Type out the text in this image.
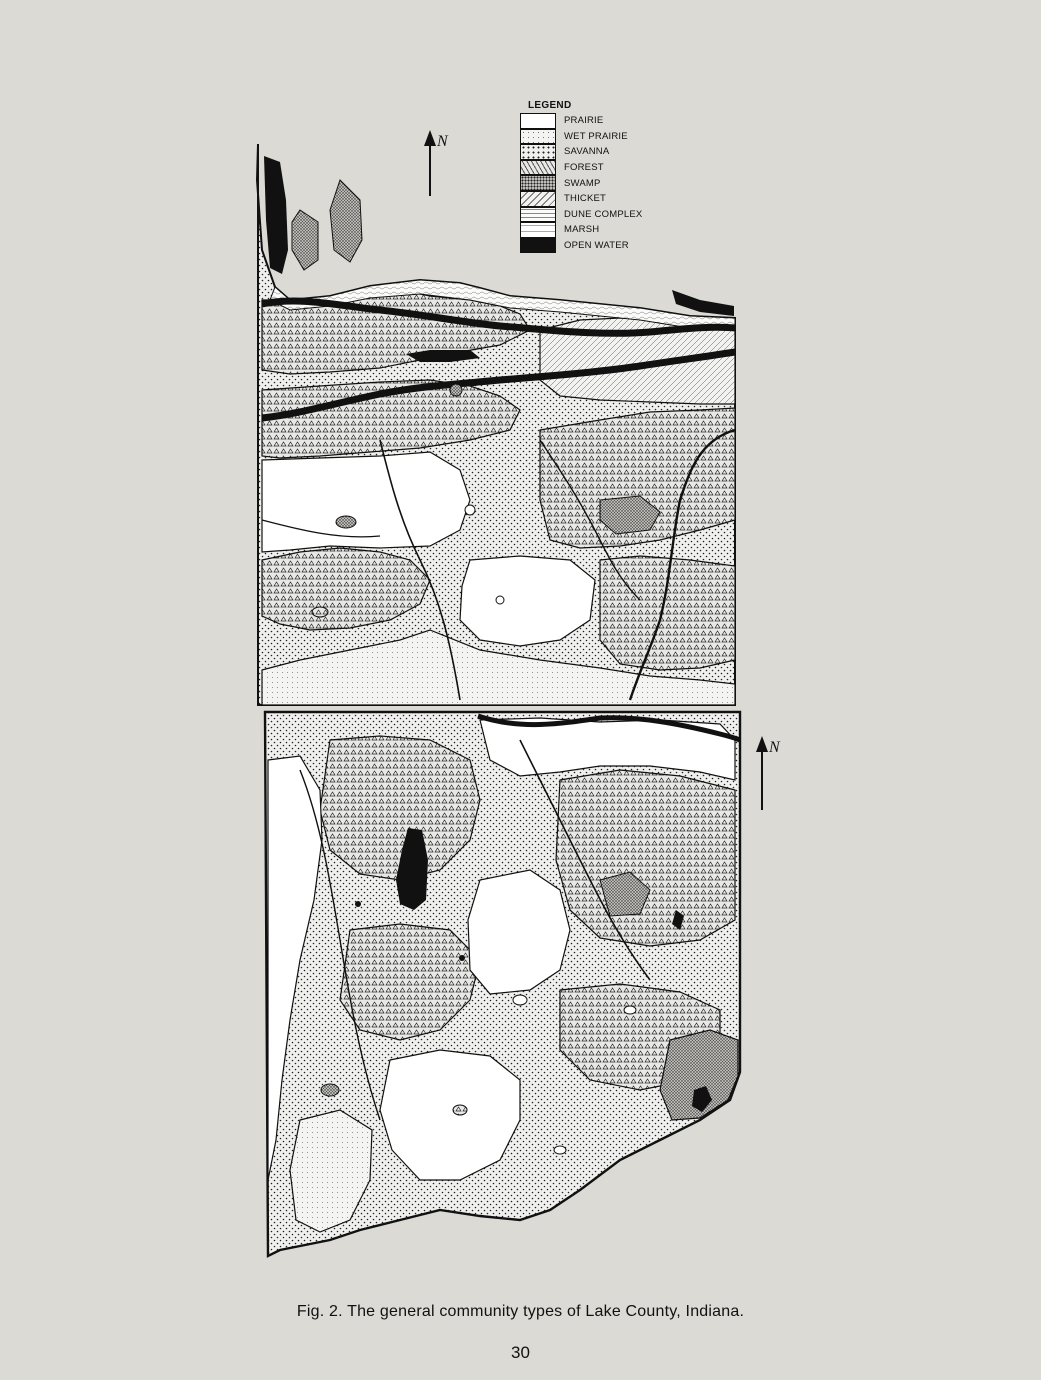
N
N
LEGEND
PRAIRIE
WET PRAIRIE
SAVANNA
FOREST
SWAMP
THICKET
DUNE COMPLEX
MARSH
OPEN WATER
Fig. 2. The general community types of Lake County, Indiana.
30
